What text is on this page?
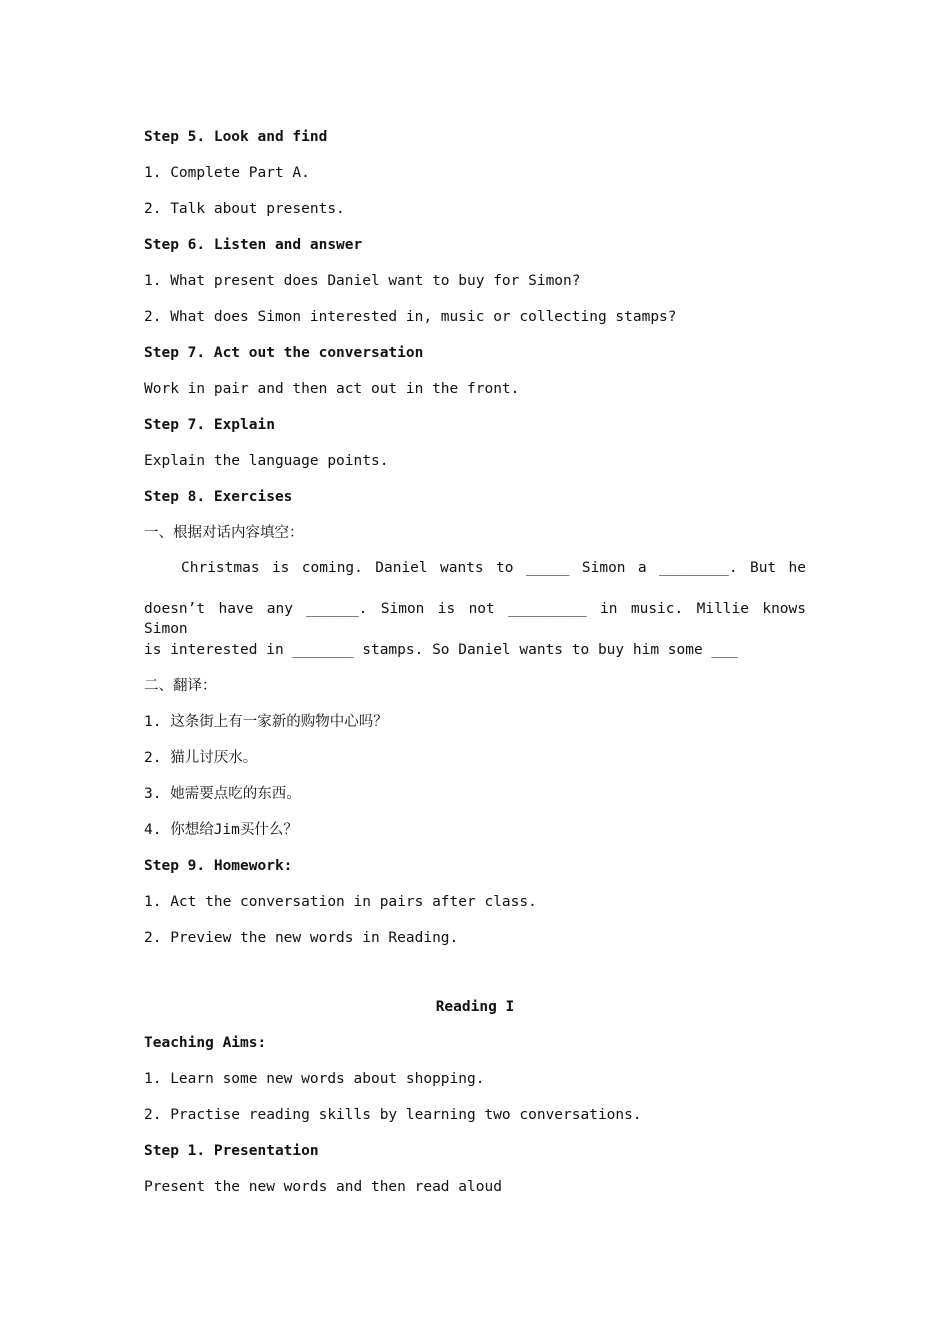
Step 5. Look and find
1. Complete Part A.
2. Talk about presents.
Step 6. Listen and answer
1. What present does Daniel want to buy for Simon?
2. What does Simon interested in, music or collecting stamps?
Step 7. Act out the conversation
Work in pair and then act out in the front.
Step 7. Explain
Explain the language points.
Step 8. Exercises
一、根据对话内容填空：
Christmas is coming. Daniel wants to _____ Simon a ________. But he
doesn’t have any ______. Simon is not _________ in music. Millie knows Simon
is interested in _______ stamps. So Daniel wants to buy him some ___
二、翻译：
1. 这条街上有一家新的购物中心吗？
2. 猫儿讨厌水。
3. 她需要点吃的东西。
4. 你想给Jim买什么？
Step 9. Homework:
1. Act the conversation in pairs after class.
2. Preview the new words in Reading.
Reading I
Teaching Aims:
1. Learn some new words about shopping.
2. Practise reading skills by learning two conversations.
Step 1. Presentation
Present the new words and then read aloud
